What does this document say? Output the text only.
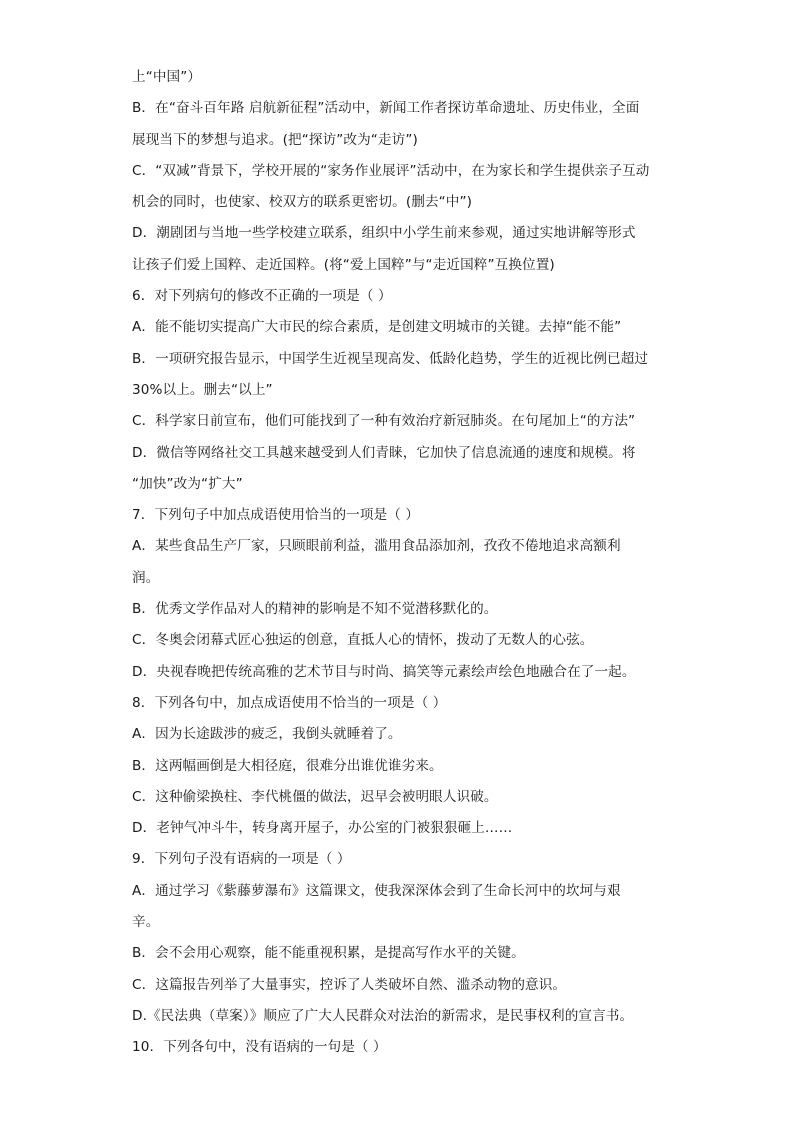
上“中国”）
B．在“奋斗百年路 启航新征程”活动中，新闻工作者探访革命遗址、历史伟业，全面
展现当下的梦想与追求。(把“探访”改为“走访”)
C．“双减”背景下，学校开展的“家务作业展评”活动中，在为家长和学生提供亲子互动
机会的同时，也使家、校双方的联系更密切。(删去“中”)
D．潮剧团与当地一些学校建立联系，组织中小学生前来参观，通过实地讲解等形式
让孩子们爱上国粹、走近国粹。(将“爱上国粹”与“走近国粹”互换位置)
6．对下列病句的修改不正确的一项是（ ）
A．能不能切实提高广大市民的综合素质，是创建文明城市的关键。去掉“能不能”
B．一项研究报告显示，中国学生近视呈现高发、低龄化趋势，学生的近视比例已超过
30%以上。删去“以上”
C．科学家日前宣布，他们可能找到了一种有效治疗新冠肺炎。在句尾加上“的方法”
D．微信等网络社交工具越来越受到人们青睐，它加快了信息流通的速度和规模。将
“加快”改为“扩大”
7．下列句子中加点成语使用恰当的一项是（ ）
A．某些食品生产厂家，只顾眼前利益，滥用食品添加剂，孜孜不倦地追求高额利
润。
B．优秀文学作品对人的精神的影响是不知不觉潜移默化的。
C．冬奥会闭幕式匠心独运的创意，直抵人心的情怀，拨动了无数人的心弦。
D．央视春晚把传统高雅的艺术节目与时尚、搞笑等元素绘声绘色地融合在了一起。
8．下列各句中，加点成语使用不恰当的一项是（ ）
A．因为长途跋涉的疲乏，我倒头就睡着了。
B．这两幅画倒是大相径庭，很难分出谁优谁劣来。
C．这种偷梁换柱、李代桃僵的做法，迟早会被明眼人识破。
D．老钟气冲斗牛，转身离开屋子，办公室的门被狠狠砸上……
9．下列句子没有语病的一项是（ ）
A．通过学习《紫藤萝瀑布》这篇课文，使我深深体会到了生命长河中的坎坷与艰
辛。
B．会不会用心观察，能不能重视积累，是提高写作水平的关键。
C．这篇报告列举了大量事实，控诉了人类破坏自然、滥杀动物的意识。
D.《民法典（草案）》顺应了广大人民群众对法治的新需求，是民事权利的宣言书。
10．下列各句中，没有语病的一句是（ ）
